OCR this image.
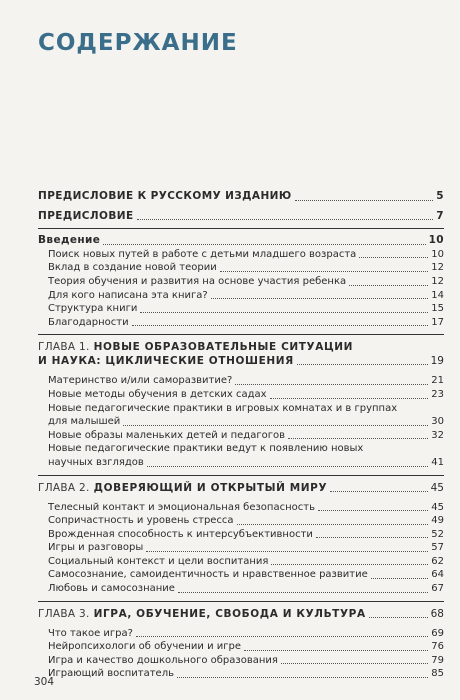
СОДЕРЖАНИЕ
ПРЕДИСЛОВИЕ К РУССКОМУ ИЗДАНИЮ	5
ПРЕДИСЛОВИЕ	7
Введение	10
Поиск новых путей в работе с детьми младшего возраста	10
Вклад в создание новой теории	12
Теория обучения и развития на основе участия ребенка	12
Для кого написана эта книга?	14
Структура книги	15
Благодарности	17
ГЛАВА 1. НОВЫЕ ОБРАЗОВАТЕЛЬНЫЕ СИТУАЦИИ
И НАУКА: ЦИКЛИЧЕСКИЕ ОТНОШЕНИЯ	19
Материнство и/или саморазвитие?	21
Новые методы обучения в детских садах	23
Новые педагогические практики в игровых комнатах и в группах
для малышей	30
Новые образы маленьких детей и педагогов	32
Новые педагогические практики ведут к появлению новых
научных взглядов	41
ГЛАВА 2. ДОВЕРЯЮЩИЙ И ОТКРЫТЫЙ МИРУ	45
Телесный контакт и эмоциональная безопасность	45
Сопричастность и уровень стресса	49
Врожденная способность к интерсубъективности	52
Игры и разговоры	57
Социальный контекст и цели воспитания	62
Самосознание, самоидентичность и нравственное развитие	64
Любовь и самосознание	67
ГЛАВА 3. ИГРА, ОБУЧЕНИЕ, СВОБОДА И КУЛЬТУРА	68
Что такое игра?	69
Нейропсихологи об обучении и игре	76
Игра и качество дошкольного образования	79
Играющий воспитатель	85
304
